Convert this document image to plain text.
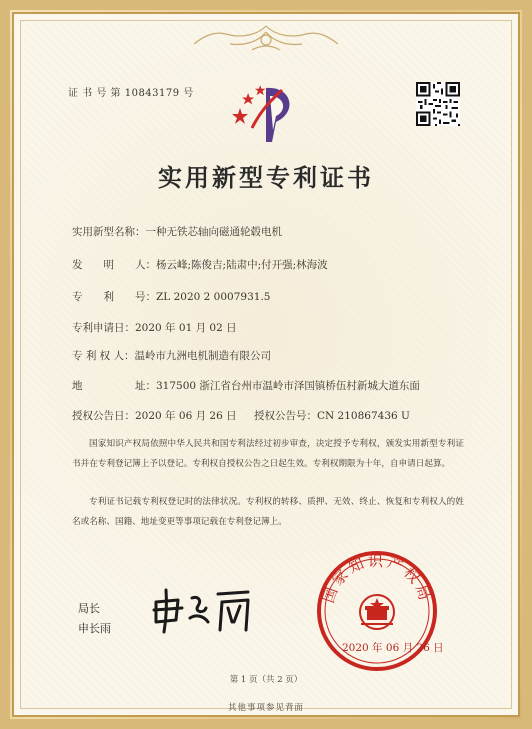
证 书 号 第 10843179 号
实用新型专利证书
实用新型名称：一种无铁芯轴向磁通轮毂电机
发　　明　　人：杨云峰;陈俊吉;陆肃中;付开强;林海波
专　　利　　号：ZL 2020 2 0007931.5
专利申请日：2020 年 01 月 02 日
专 利 权 人：温岭市九洲电机制造有限公司
地　　　　　址：317500 浙江省台州市温岭市泽国镇桥伍村新城大道东面
授权公告日：2020 年 06 月 26 日 授权公告号：CN 210867436 U
国家知识产权局依照中华人民共和国专利法经过初步审查，决定授予专利权，颁发实用新型专利证书并在专利登记簿上予以登记。专利权自授权公告之日起生效。专利权期限为十年，自申请日起算。
专利证书记载专利权登记时的法律状况。专利权的转移、质押、无效、终止、恢复和专利权人的姓名或名称、国籍、地址变更等事项记载在专利登记簿上。
局长
申长雨
国家知识产权局
2020 年 06 月 26 日
第 1 页（共 2 页）
其他事项参见背面
